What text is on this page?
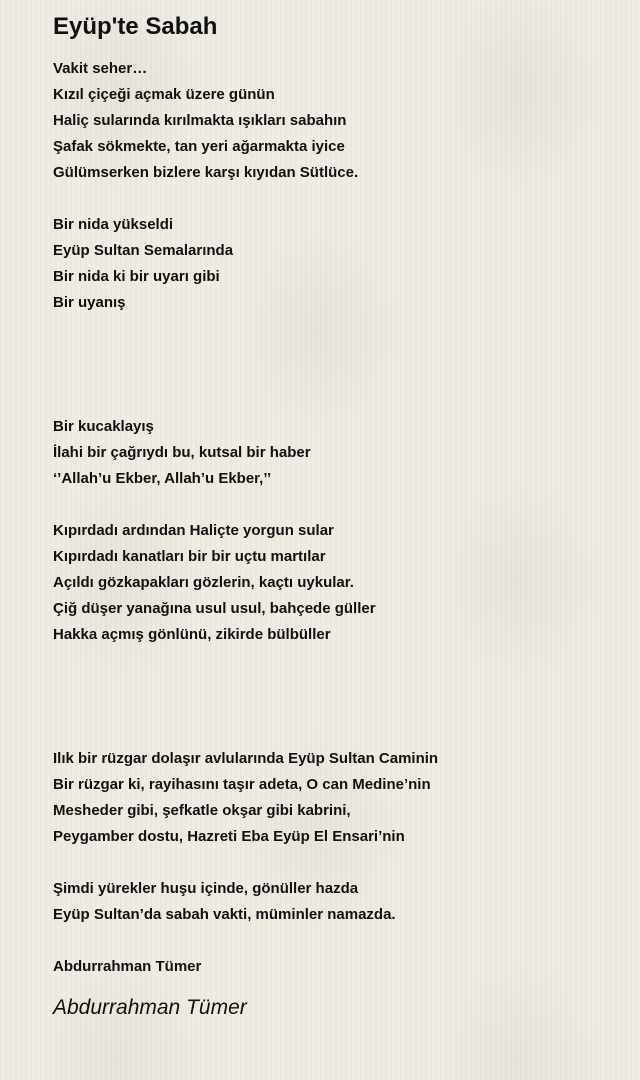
Eyüp'te Sabah
Vakit seher…
Kızıl çiçeği açmak üzere günün
Haliç sularında kırılmakta ışıkları sabahın
Şafak sökmekte, tan yeri ağarmakta iyice
Gülümserken bizlere karşı kıyıdan Sütlüce.
Bir nida yükseldi
Eyüp Sultan Semalarında
Bir nida ki bir uyarı gibi
Bir uyanış
Bir kucaklayış
İlahi bir çağrıydı bu, kutsal bir haber
‘’Allah’u Ekber, Allah’u Ekber,’’
Kıpırdadı ardından Haliçte yorgun sular
Kıpırdadı kanatları bir bir uçtu martılar
Açıldı gözkapakları gözlerin, kaçtı uykular.
Çiğ düşer yanağına usul usul, bahçede güller
Hakka açmış gönlünü, zikirde bülbüller
Ilık bir rüzgar dolaşır avlularında Eyüp Sultan Caminin
Bir rüzgar ki, rayihasını taşır adeta, O can Medine’nin
Mesheder gibi, şefkatle okşar gibi kabrini,
Peygamber dostu, Hazreti Eba Eyüp El Ensari’nin
Şimdi yürekler huşu içinde, gönüller hazda
Eyüp Sultan’da sabah vakti, müminler namazda.
Abdurrahman Tümer
Abdurrahman Tümer
